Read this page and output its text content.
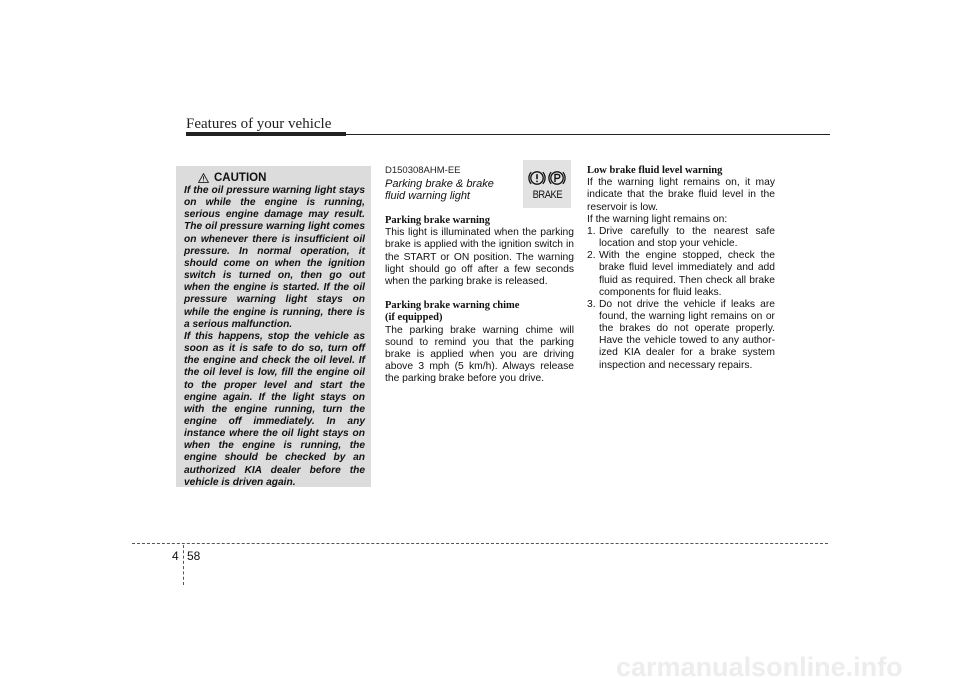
Features of your vehicle
CAUTION

If the oil pressure warning light stays on while the engine is running, serious engine damage may result. The oil pressure warning light comes on whenever there is insufficient oil pressure. In normal operation, it should come on when the ignition switch is turned on, then go out when the engine is started. If the oil pressure warning light stays on while the engine is running, there is a serious malfunction.

If this happens, stop the vehicle as soon as it is safe to do so, turn off the engine and check the oil level. If the oil level is low, fill the engine oil to the proper level and start the engine again. If the light stays on with the engine running, turn the engine off immediately. In any instance where the oil light stays on when the engine is running, the engine should be checked by an authorized KIA dealer before the vehicle is driven again.

D150308AHM-EE
Parking brake & brake fluid warning light
Parking brake warning

This light is illuminated when the parking brake is applied with the ignition switch in the START or ON position. The warning light should go off after a few seconds when the parking brake is released.

Parking brake warning chime
(if equipped)

The parking brake warning chime will sound to remind you that the parking brake is applied when you are driving above 3 mph (5 km/h). Always release the parking brake before you drive.

BRAKE
Low brake fluid level warning

If the warning light remains on, it may indicate that the brake fluid level in the reservoir is low.

If the warning light remains on:

1. Drive carefully to the nearest safe location and stop your vehicle.
2. With the engine stopped, check the brake fluid level immediately and add fluid as required. Then check all brake components for fluid leaks.
3. Do not drive the vehicle if leaks are found, the warning light remains on or the brakes do not operate properly. Have the vehicle towed to any authorized KIA dealer for a brake system inspection and necessary repairs.
4 58
carmanualsonline.info
